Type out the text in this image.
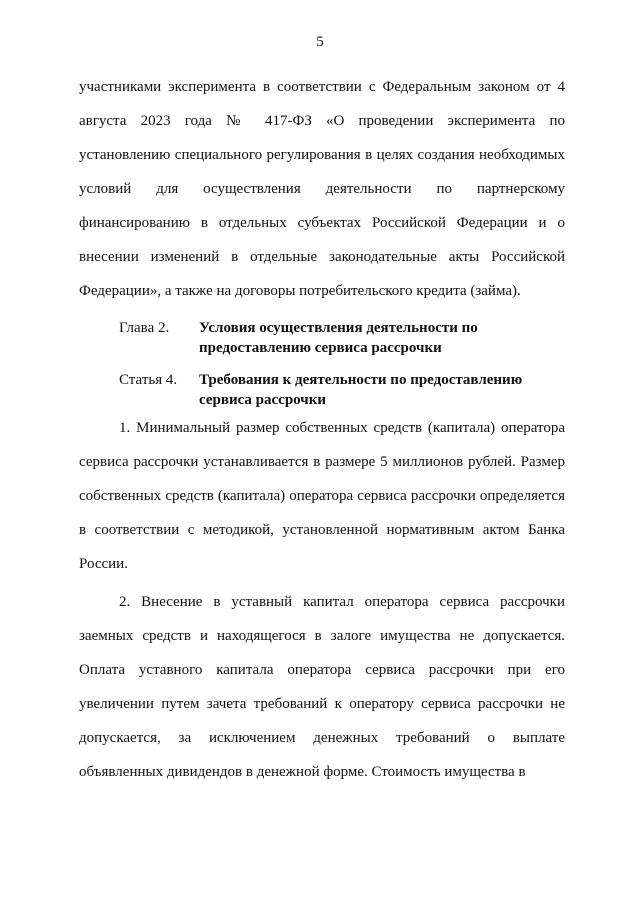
5

участниками эксперимента в соответствии с Федеральным законом от 4 августа 2023 года № 417-ФЗ «О проведении эксперимента по установлению специального регулирования в целях создания необходимых условий для осуществления деятельности по партнерскому финансированию в отдельных субъектах Российской Федерации и о внесении изменений в отдельные законодательные акты Российской Федерации», а также на договоры потребительского кредита (займа).

Глава 2.	Условия осуществления деятельности по предоставлению сервиса рассрочки
Статья 4.	Требования к деятельности по предоставлению сервиса рассрочки

1. Минимальный размер собственных средств (капитала) оператора сервиса рассрочки устанавливается в размере 5 миллионов рублей. Размер собственных средств (капитала) оператора сервиса рассрочки определяется в соответствии с методикой, установленной нормативным актом Банка России.

2. Внесение в уставный капитал оператора сервиса рассрочки заемных средств и находящегося в залоге имущества не допускается. Оплата уставного капитала оператора сервиса рассрочки при его увеличении путем зачета требований к оператору сервиса рассрочки не допускается, за исключением денежных требований о выплате объявленных дивидендов в денежной форме. Стоимость имущества в
